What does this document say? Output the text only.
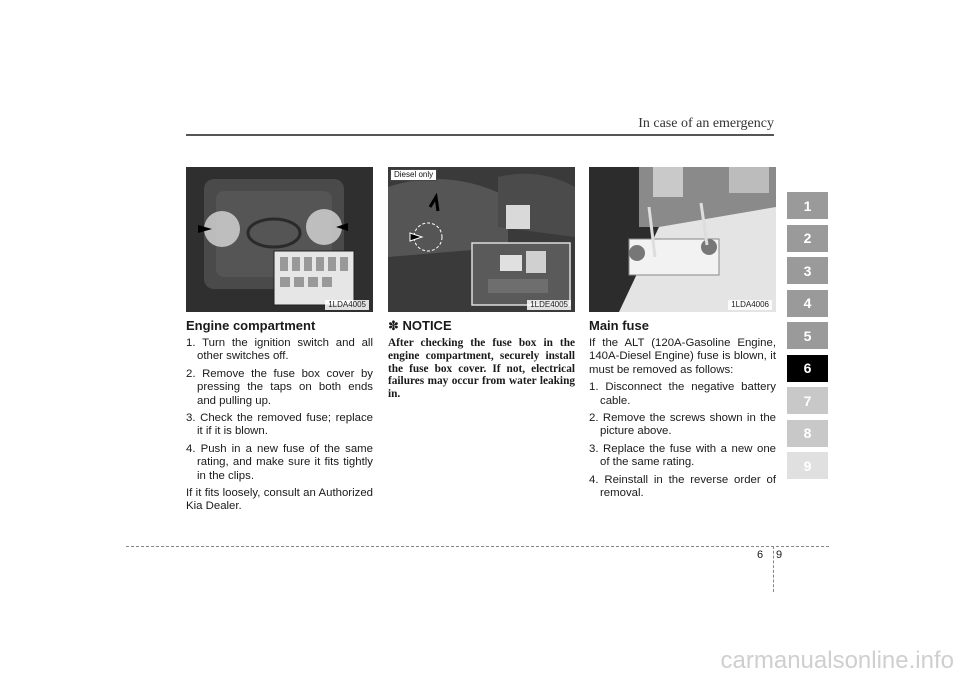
In case of an emergency
1LDA4005
Engine compartment
1. Turn the ignition switch and all other switches off.
2. Remove the fuse box cover by pressing the taps on both ends and pulling up.
3. Check the removed fuse; replace it if it is blown.
4. Push in a new fuse of the same rating, and make sure it fits tightly in the clips.

If it fits loosely, consult an Authorized Kia Dealer.

Diesel only
1LDE4005
✽ NOTICE

After checking the fuse box in the engine compartment, securely install the fuse box cover. If not, electrical failures may occur from water leaking in.

1LDA4006
Main fuse

If the ALT (120A-Gasoline Engine, 140A-Diesel Engine) fuse is blown, it must be removed as follows:

1. Disconnect the negative battery cable.
2. Remove the screws shown in the picture above.
3. Replace the fuse with a new one of the same rating.
4. Reinstall in the reverse order of removal.
1
2
3
4
5
6
7
8
9
6 9
carmanualsonline.info
